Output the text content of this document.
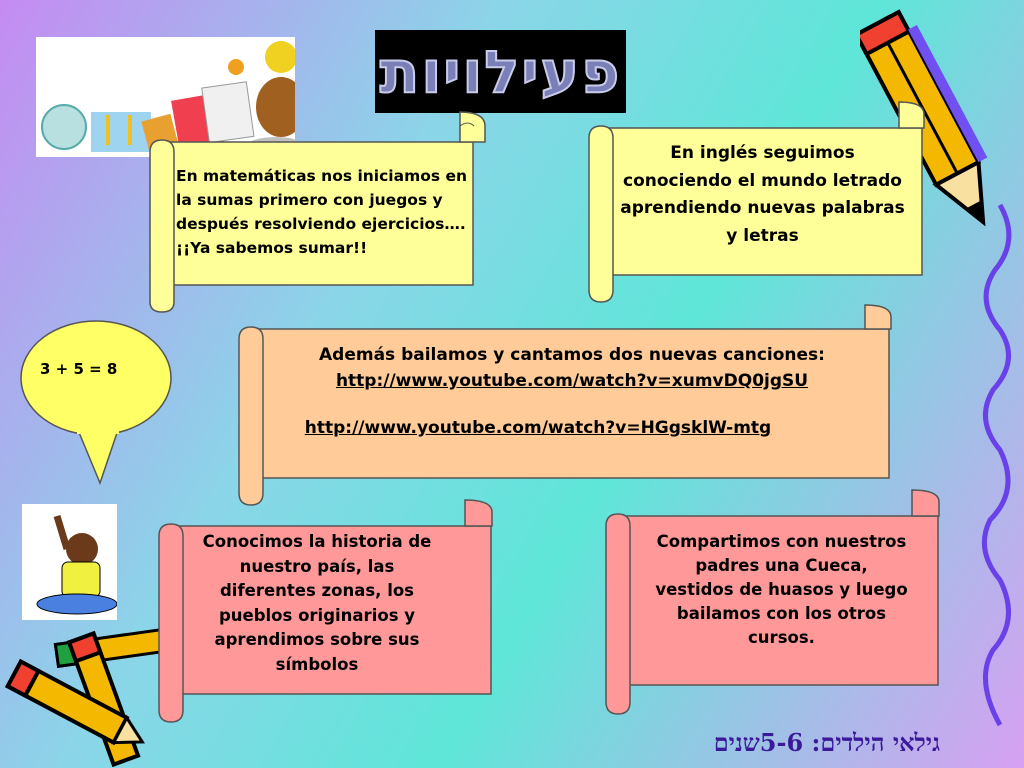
פעילויות
En matemáticas nos iniciamos en la sumas primero con juegos y después resolviendo ejercicios….¡¡Ya sabemos sumar!!
En inglés seguimos conociendo el mundo letrado aprendiendo nuevas palabras y letras
3 + 5 = 8
Además bailamos y cantamos dos nuevas canciones:
http://www.youtube.com/watch?v=xumvDQ0jgSU
http://www.youtube.com/watch?v=HGgsklW-mtg
Conocimos la historia de nuestro país, las diferentes zonas, los pueblos originarios y aprendimos sobre sus símbolos
Compartimos con nuestros padres una Cueca, vestidos de huasos y luego bailamos con los otros cursos.
גילאי הילדים: 5-6שנים
